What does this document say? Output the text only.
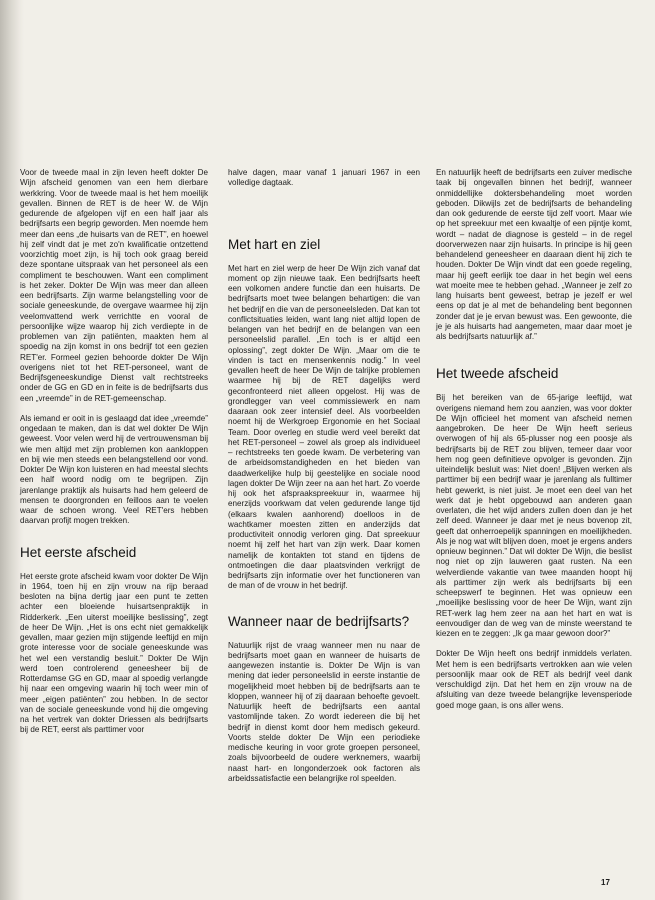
Voor de tweede maal in zijn leven heeft dokter De Wijn afscheid genomen van een hem dierbare werkkring. Voor de tweede maal is het hem moeilijk gevallen. Binnen de RET is de heer W. de Wijn gedurende de afgelopen vijf en een half jaar als bedrijfsarts een begrip geworden. Men noemde hem meer dan eens „de huisarts van de RET”, en hoewel hij zelf vindt dat je met zo'n kwalificatie ontzettend voorzichtig moet zijn, is hij toch ook graag bereid deze spontane uitspraak van het personeel als een compliment te beschouwen. Want een compliment is het zeker. Dokter De Wijn was meer dan alleen een bedrijfsarts. Zijn warme belangstelling voor de sociale geneeskunde, de overgave waarmee hij zijn veelomvattend werk verrichtte en vooral de persoonlijke wijze waarop hij zich verdiepte in de problemen van zijn patiënten, maakten hem al spoedig na zijn komst in ons bedrijf tot een gezien RET'er. Formeel gezien behoorde dokter De Wijn overigens niet tot het RET-personeel, want de Bedrijfsgeneeskundige Dienst valt rechtstreeks onder de GG en GD en in feite is de bedrijfsarts dus een „vreemde” in de RET-gemeenschap.

Als iemand er ooit in is geslaagd dat idee „vreemde” ongedaan te maken, dan is dat wel dokter De Wijn geweest. Voor velen werd hij de vertrouwensman bij wie men altijd met zijn problemen kon aankloppen en bij wie men steeds een belangstellend oor vond. Dokter De Wijn kon luisteren en had meestal slechts een half woord nodig om te begrijpen. Zijn jarenlange praktijk als huisarts had hem geleerd de mensen te doorgronden en feilloos aan te voelen waar de schoen wrong. Veel RET'ers hebben daarvan profijt mogen trekken.

Het eerste afscheid

Het eerste grote afscheid kwam voor dokter De Wijn in 1964, toen hij en zijn vrouw na rijp beraad besloten na bijna dertig jaar een punt te zetten achter een bloeiende huisartsenpraktijk in Ridderkerk. „Een uiterst moeilijke beslissing”, zegt de heer De Wijn. „Het is ons echt niet gemakkelijk gevallen, maar gezien mijn stijgende leeftijd en mijn grote interesse voor de sociale geneeskunde was het wel een verstandig besluit.” Dokter De Wijn werd toen controlerend geneesheer bij de Rotterdamse GG en GD, maar al spoedig verlangde hij naar een omgeving waarin hij toch weer min of meer „eigen patiënten” zou hebben. In de sector van de sociale geneeskunde vond hij die omgeving na het vertrek van dokter Driessen als bedrijfsarts bij de RET, eerst als parttimer voor

halve dagen, maar vanaf 1 januari 1967 in een volledige dagtaak.

Met hart en ziel

Met hart en ziel werp de heer De Wijn zich vanaf dat moment op zijn nieuwe taak. Een bedrijfsarts heeft een volkomen andere functie dan een huisarts. De bedrijfsarts moet twee belangen behartigen: die van het bedrijf en die van de personeelsleden. Dat kan tot conflictsituaties leiden, want lang niet altijd lopen de belangen van het bedrijf en de belangen van een personeelslid parallel. „En toch is er altijd een oplossing”, zegt dokter De Wijn. „Maar om die te vinden is tact en mensenkennis nodig.” In veel gevallen heeft de heer De Wijn de talrijke problemen waarmee hij bij de RET dagelijks werd geconfronteerd niet alleen opgelost. Hij was de grondlegger van veel commissiewerk en nam daaraan ook zeer intensief deel. Als voorbeelden noemt hij de Werkgroep Ergonomie en het Sociaal Team. Door overleg en studie werd veel bereikt dat het RET-personeel – zowel als groep als individueel – rechtstreeks ten goede kwam. De verbetering van de arbeidsomstandigheden en het bieden van daadwerkelijke hulp bij geestelijke en sociale nood lagen dokter De Wijn zeer na aan het hart. Zo voerde hij ook het afspraakspreekuur in, waarmee hij enerzijds voorkwam dat velen gedurende lange tijd (elkaars kwalen aanhorend) doelloos in de wachtkamer moesten zitten en anderzijds dat productiviteit onnodig verloren ging. Dat spreekuur noemt hij zelf het hart van zijn werk. Daar komen namelijk de kontakten tot stand en tijdens de ontmoetingen die daar plaatsvinden verkrijgt de bedrijfsarts zijn informatie over het functioneren van de man of de vrouw in het bedrijf.

Wanneer naar de bedrijfsarts?

Natuurlijk rijst de vraag wanneer men nu naar de bedrijfsarts moet gaan en wanneer de huisarts de aangewezen instantie is. Dokter De Wijn is van mening dat ieder personeelslid in eerste instantie de mogelijkheid moet hebben bij de bedrijfsarts aan te kloppen, wanneer hij of zij daaraan behoefte gevoelt. Natuurlijk heeft de bedrijfsarts een aantal vastomlijnde taken. Zo wordt iedereen die bij het bedrijf in dienst komt door hem medisch gekeurd. Voorts stelde dokter De Wijn een periodieke medische keuring in voor grote groepen personeel, zoals bijvoorbeeld de oudere werknemers, waarbij naast hart- en longonderzoek ook factoren als arbeidssatisfactie een belangrijke rol speelden.

En natuurlijk heeft de bedrijfsarts een zuiver medische taak bij ongevallen binnen het bedrijf, wanneer onmiddellijke doktersbehandeling moet worden geboden. Dikwijls zet de bedrijfsarts de behandeling dan ook gedurende de eerste tijd zelf voort. Maar wie op het spreekuur met een kwaaltje of een pijntje komt, wordt – nadat de diagnose is gesteld – in de regel doorverwezen naar zijn huisarts. In principe is hij geen behandelend geneesheer en daaraan dient hij zich te houden. Dokter De Wijn vindt dat een goede regeling, maar hij geeft eerlijk toe daar in het begin wel eens wat moeite mee te hebben gehad. „Wanneer je zelf zo lang huisarts bent geweest, betrap je jezelf er wel eens op dat je al met de behandeling bent begonnen zonder dat je je ervan bewust was. Een gewoonte, die je je als huisarts had aangemeten, maar daar moet je als bedrijfsarts natuurlijk af.”

Het tweede afscheid

Bij het bereiken van de 65-jarige leeftijd, wat overigens niemand hem zou aanzien, was voor dokter De Wijn officieel het moment van afscheid nemen aangebroken. De heer De Wijn heeft serieus overwogen of hij als 65-plusser nog een poosje als bedrijfsarts bij de RET zou blijven, temeer daar voor hem nog geen definitieve opvolger is gevonden. Zijn uiteindelijk besluit was: Niet doen! „Blijven werken als parttimer bij een bedrijf waar je jarenlang als fulltimer hebt gewerkt, is niet juist. Je moet een deel van het werk dat je hebt opgebouwd aan anderen gaan overlaten, die het wijd anders zullen doen dan je het zelf deed. Wanneer je daar met je neus bovenop zit, geeft dat onherroepelijk spanningen en moeilijkheden. Als je nog wat wilt blijven doen, moet je ergens anders opnieuw beginnen.” Dat wil dokter De Wijn, die beslist nog niet op zijn lauweren gaat rusten. Na een welverdiende vakantie van twee maanden hoopt hij als parttimer zijn werk als bedrijfsarts bij een scheepswerf te beginnen. Het was opnieuw een „moeilijke beslissing voor de heer De Wijn, want zijn RET-werk lag hem zeer na aan het hart en wat is eenvoudiger dan de weg van de minste weerstand te kiezen en te zeggen: „Ik ga maar gewoon door?”

Dokter De Wijn heeft ons bedrijf inmiddels verlaten. Met hem is een bedrijfsarts vertrokken aan wie velen persoonlijk maar ook de RET als bedrijf veel dank verschuldigd zijn. Dat het hem en zijn vrouw na de afsluiting van deze tweede belangrijke levensperiode goed moge gaan, is ons aller wens.

17
